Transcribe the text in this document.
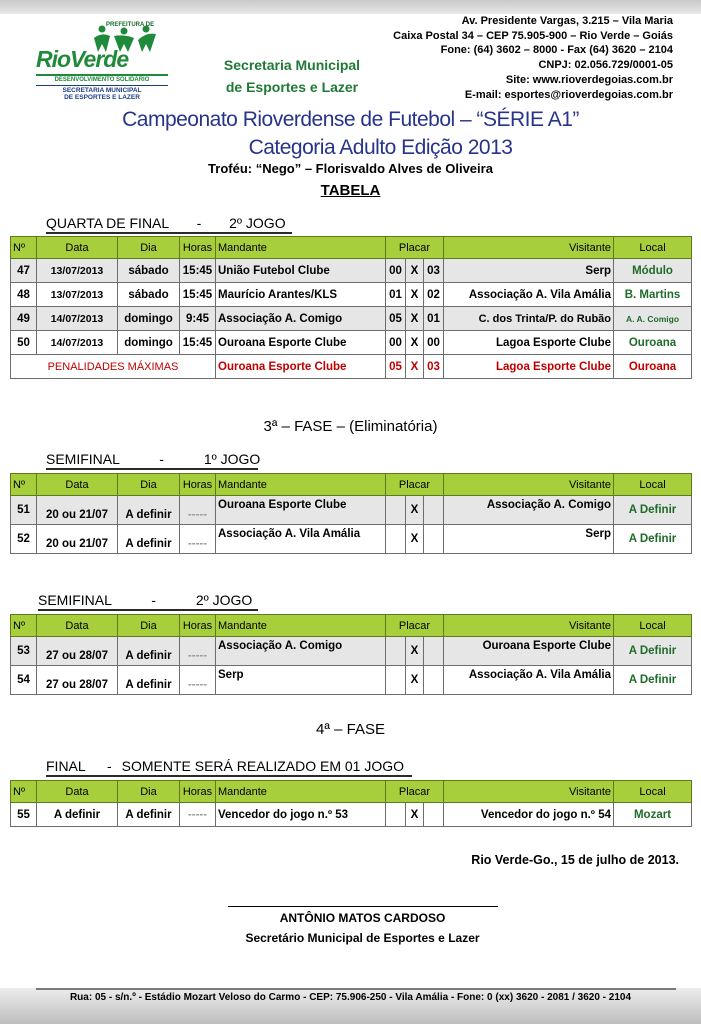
PREFEITURA DE
RioVerde
DESENVOLVIMENTO SOLIDÁRIO
SECRETARIA MUNICIPAL
DE ESPORTES E LAZER
Secretaria Municipal
de Esportes e Lazer
Av. Presidente Vargas, 3.215 – Vila Maria
Caixa Postal 34 – CEP 75.905-900 – Rio Verde – Goiás
Fone: (64) 3602 – 8000 - Fax (64) 3620 – 2104
CNPJ: 02.056.729/0001-05
Site: www.rioverdegoias.com.br
E-mail: esportes@rioverdegoias.com.br
Campeonato Rioverdense de Futebol – “SÉRIE A1”
Categoria Adulto Edição 2013
Troféu: “Nego” – Florisvaldo Alves de Oliveira
TABELA
QUARTA DE FINAL - 2º JOGO
Nº	Data	Dia	Horas	Mandante	Placar			Visitante	Local
47	13/07/2013	sábado	15:45	União Futebol Clube	00	X	03	Serp	Módulo
48	13/07/2013	sábado	15:45	Maurício Arantes/KLS	01	X	02	Associação A. Vila Amália	B. Martins
49	14/07/2013	domingo	9:45	Associação A. Comigo	05	X	01	C. dos Trinta/P. do Rubão	A. A. Comigo
50	14/07/2013	domingo	15:45	Ouroana Esporte Clube	00	X	00	Lagoa Esporte Clube	Ouroana
PENALIDADES MÁXIMAS				Ouroana Esporte Clube	05	X	03	Lagoa Esporte Clube	Ouroana
3ª – FASE – (Eliminatória)
SEMIFINAL	-	1º JOGO
Nº	Data	Dia	Horas	Mandante	Placar			Visitante	Local
51	20 ou 21/07	A definir	-----	Ouroana Esporte Clube		X		Associação A. Comigo	A Definir
52	20 ou 21/07	A definir	-----	Associação A. Vila Amália		X		Serp	A Definir
SEMIFINAL	-	2º JOGO
Nº	Data	Dia	Horas	Mandante	Placar			Visitante	Local
53	27 ou 28/07	A definir	-----	Associação A. Comigo		X		Ouroana Esporte Clube	A Definir
54	27 ou 28/07	A definir	-----	Serp		X		Associação A. Vila Amália	A Definir
4ª – FASE
FINAL - SOMENTE SERÁ REALIZADO EM 01 JOGO
Nº	Data	Dia	Horas	Mandante	Placar			Visitante	Local
55	A definir	A definir	-----	Vencedor do jogo n.º 53		X		Vencedor do jogo n.º 54	Mozart
Rio Verde-Go., 15 de julho de 2013.
ANTÔNIO MATOS CARDOSO
Secretário Municipal de Esportes e Lazer
Rua: 05 - s/n.º - Estádio Mozart Veloso do Carmo - CEP: 75.906-250 - Vila Amália - Fone: 0 (xx) 3620 - 2081 / 3620 - 2104
